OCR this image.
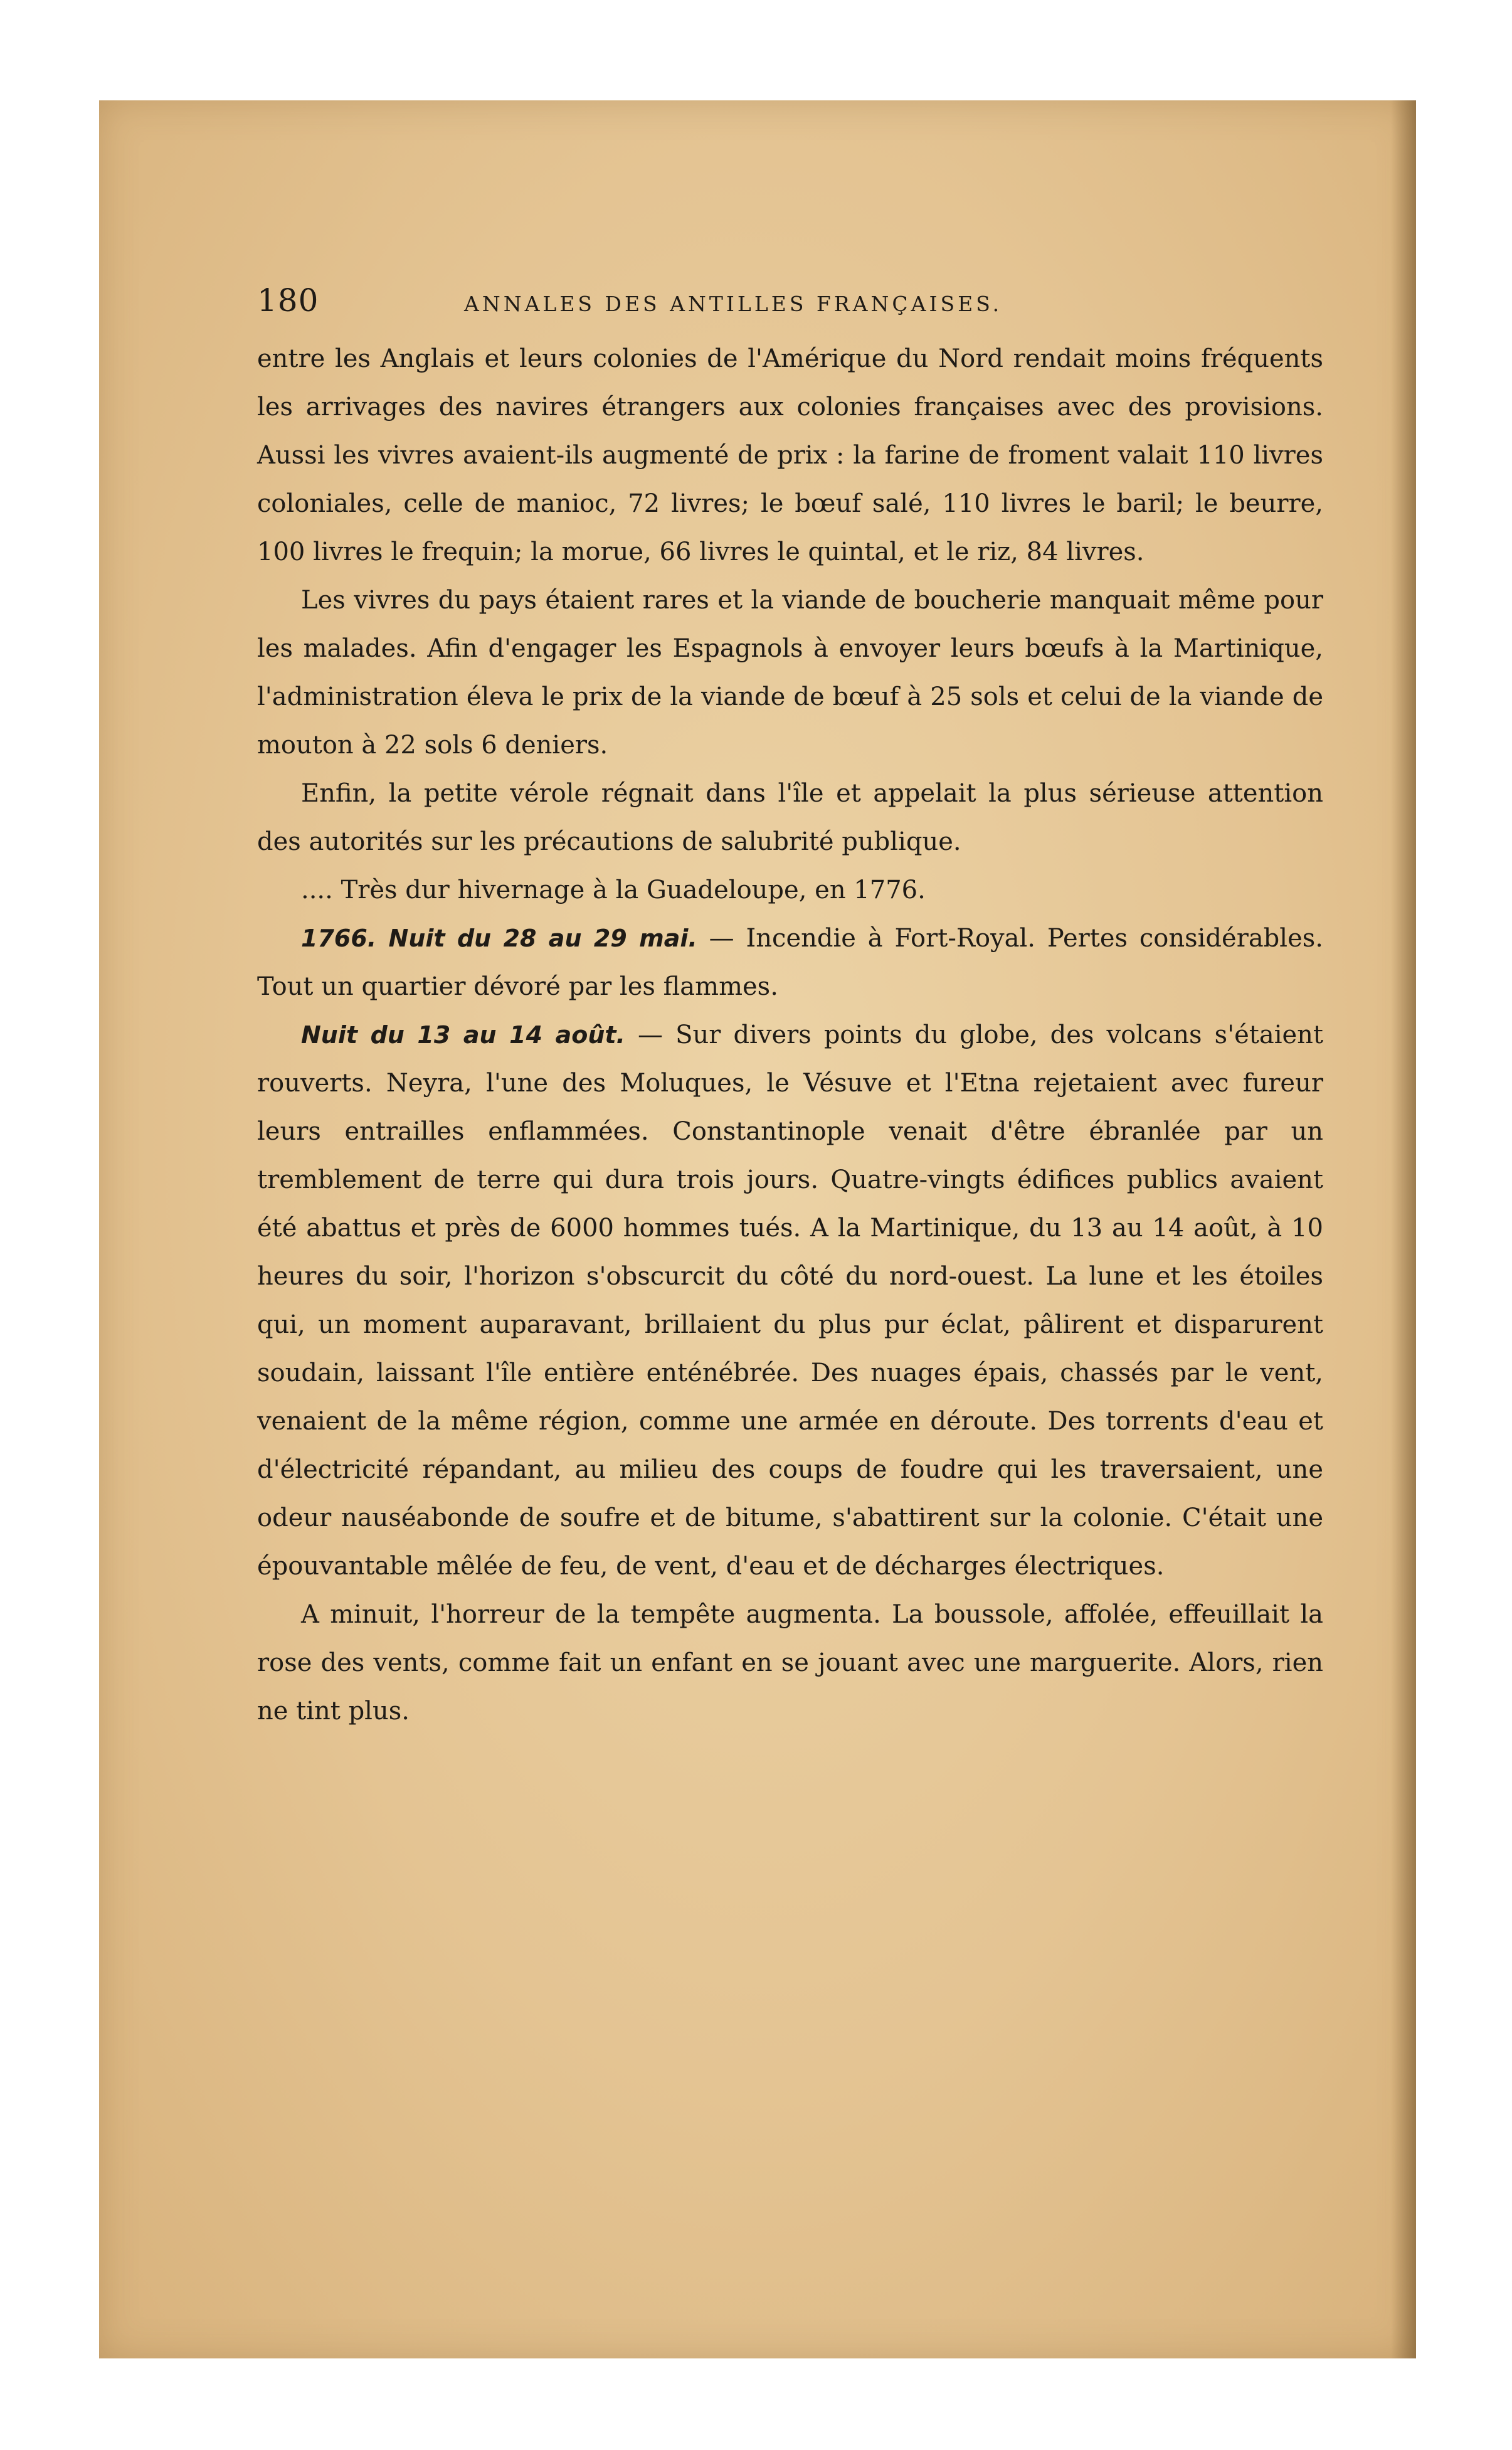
180	ANNALES DES ANTILLES FRANÇAISES.

entre les Anglais et leurs colonies de l'Amérique du Nord rendait moins fréquents les arrivages des navires étrangers aux colonies françaises avec des provisions. Aussi les vivres avaient-ils augmenté de prix : la farine de froment valait 110 livres coloniales, celle de manioc, 72 livres; le bœuf salé, 110 livres le baril; le beurre, 100 livres le frequin; la morue, 66 livres le quintal, et le riz, 84 livres.

Les vivres du pays étaient rares et la viande de boucherie manquait même pour les malades. Afin d'engager les Espagnols à envoyer leurs bœufs à la Martinique, l'administration éleva le prix de la viande de bœuf à 25 sols et celui de la viande de mouton à 22 sols 6 deniers.

Enfin, la petite vérole régnait dans l'île et appelait la plus sérieuse attention des autorités sur les précautions de salubrité publique.

.... Très dur hivernage à la Guadeloupe, en 1776.

1766. Nuit du 28 au 29 mai. — Incendie à Fort-Royal. Pertes considérables. Tout un quartier dévoré par les flammes.

Nuit du 13 au 14 août. — Sur divers points du globe, des volcans s'étaient rouverts. Neyra, l'une des Moluques, le Vésuve et l'Etna rejetaient avec fureur leurs entrailles enflammées. Constantinople venait d'être ébranlée par un tremblement de terre qui dura trois jours. Quatre-vingts édifices publics avaient été abattus et près de 6000 hommes tués. A la Martinique, du 13 au 14 août, à 10 heures du soir, l'horizon s'obscurcit du côté du nord-ouest. La lune et les étoiles qui, un moment auparavant, brillaient du plus pur éclat, pâlirent et disparurent soudain, laissant l'île entière enténébrée. Des nuages épais, chassés par le vent, venaient de la même région, comme une armée en déroute. Des torrents d'eau et d'électricité répandant, au milieu des coups de foudre qui les traversaient, une odeur nauséabonde de soufre et de bitume, s'abattirent sur la colonie. C'était une épouvantable mêlée de feu, de vent, d'eau et de décharges électriques.

A minuit, l'horreur de la tempête augmenta. La boussole, affolée, effeuillait la rose des vents, comme fait un enfant en se jouant avec une marguerite. Alors, rien ne tint plus.
